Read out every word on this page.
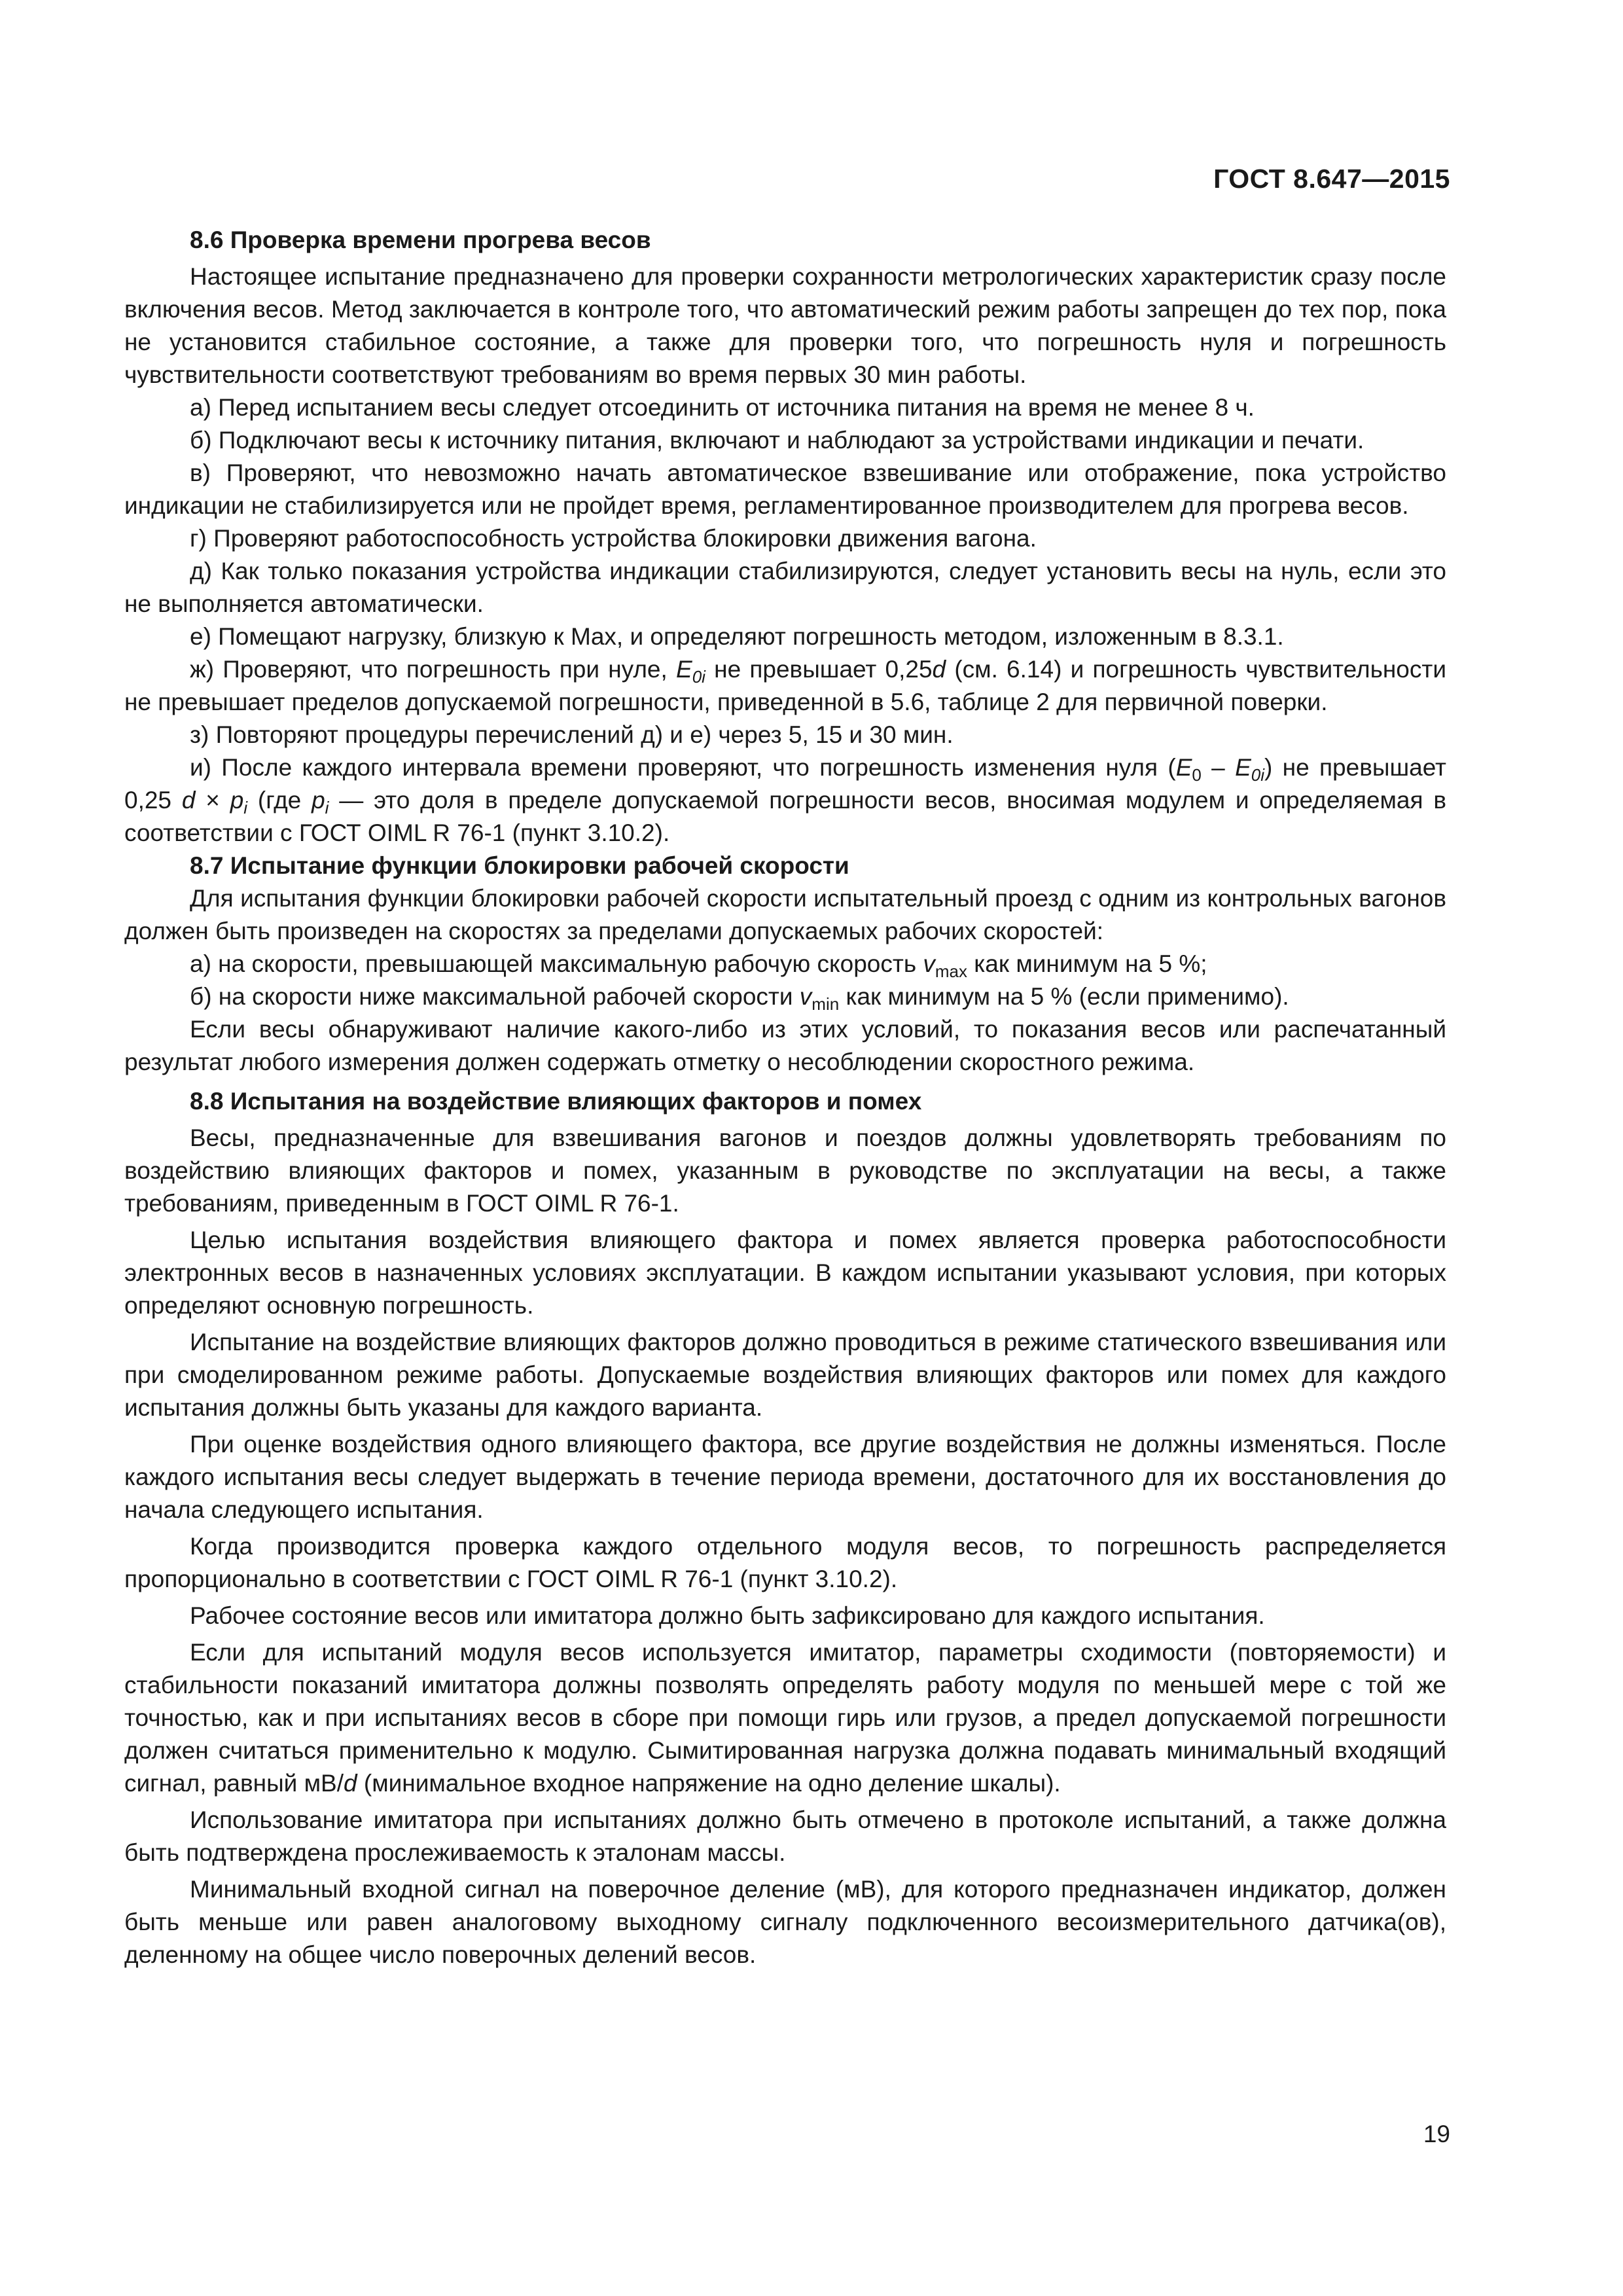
ГОСТ 8.647—2015
8.6 Проверка времени прогрева весов

Настоящее испытание предназначено для проверки сохранности метрологических характеристик сразу после включения весов. Метод заключается в контроле того, что автоматический режим работы запрещен до тех пор, пока не установится стабильное состояние, а также для проверки того, что погрешность нуля и погрешность чувствительности соответствуют требованиям во время первых 30 мин работы.

а) Перед испытанием весы следует отсоединить от источника питания на время не менее 8 ч.

б) Подключают весы к источнику питания, включают и наблюдают за устройствами индикации и печати.

в) Проверяют, что невозможно начать автоматическое взвешивание или отображение, пока устройство индикации не стабилизируется или не пройдет время, регламентированное производителем для прогрева весов.

г) Проверяют работоспособность устройства блокировки движения вагона.

д) Как только показания устройства индикации стабилизируются, следует установить весы на нуль, если это не выполняется автоматически.

е) Помещают нагрузку, близкую к Max, и определяют погрешность методом, изложенным в 8.3.1.

ж) Проверяют, что погрешность при нуле, $E_{0i}$ не превышает 0,25d (см. 6.14) и погрешность чувствительности не превышает пределов допускаемой погрешности, приведенной в 5.6, таблице 2 для первичной поверки.

з) Повторяют процедуры перечислений д) и е) через 5, 15 и 30 мин.

и) После каждого интервала времени проверяют, что погрешность изменения нуля $(E_0 - E_{0i})$ не превышает 0,25 $d \times p_i$ (где $p_i$ — это доля в пределе допускаемой погрешности весов, вносимая модулем и определяемая в соответствии с ГОСТ OIML R 76-1 (пункт 3.10.2).

8.7 Испытание функции блокировки рабочей скорости

Для испытания функции блокировки рабочей скорости испытательный проезд с одним из контрольных вагонов должен быть произведен на скоростях за пределами допускаемых рабочих скоростей:

а) на скорости, превышающей максимальную рабочую скорость $v_{max}$ как минимум на 5 %;

б) на скорости ниже максимальной рабочей скорости $v_{min}$ как минимум на 5 % (если применимо).

Если весы обнаруживают наличие какого-либо из этих условий, то показания весов или распечатанный результат любого измерения должен содержать отметку о несоблюдении скоростного режима.

8.8 Испытания на воздействие влияющих факторов и помех

Весы, предназначенные для взвешивания вагонов и поездов должны удовлетворять требованиям по воздействию влияющих факторов и помех, указанным в руководстве по эксплуатации на весы, а также требованиям, приведенным в ГОСТ OIML R 76-1.

Целью испытания воздействия влияющего фактора и помех является проверка работоспособности электронных весов в назначенных условиях эксплуатации. В каждом испытании указывают условия, при которых определяют основную погрешность.

Испытание на воздействие влияющих факторов должно проводиться в режиме статического взвешивания или при смоделированном режиме работы. Допускаемые воздействия влияющих факторов или помех для каждого испытания должны быть указаны для каждого варианта.

При оценке воздействия одного влияющего фактора, все другие воздействия не должны изменяться. После каждого испытания весы следует выдержать в течение периода времени, достаточного для их восстановления до начала следующего испытания.

Когда производится проверка каждого отдельного модуля весов, то погрешность распределяется пропорционально в соответствии с ГОСТ OIML R 76-1 (пункт 3.10.2).

Рабочее состояние весов или имитатора должно быть зафиксировано для каждого испытания.

Если для испытаний модуля весов используется имитатор, параметры сходимости (повторяемости) и стабильности показаний имитатора должны позволять определять работу модуля по меньшей мере с той же точностью, как и при испытаниях весов в сборе при помощи гирь или грузов, а предел допускаемой погрешности должен считаться применительно к модулю. Сымитированная нагрузка должна подавать минимальный входящий сигнал, равный мВ/d (минимальное входное напряжение на одно деление шкалы).

Использование имитатора при испытаниях должно быть отмечено в протоколе испытаний, а также должна быть подтверждена прослеживаемость к эталонам массы.

Минимальный входной сигнал на поверочное деление (мВ), для которого предназначен индикатор, должен быть меньше или равен аналоговому выходному сигналу подключенного весоизмерительного датчика(ов), деленному на общее число поверочных делений весов.

19
